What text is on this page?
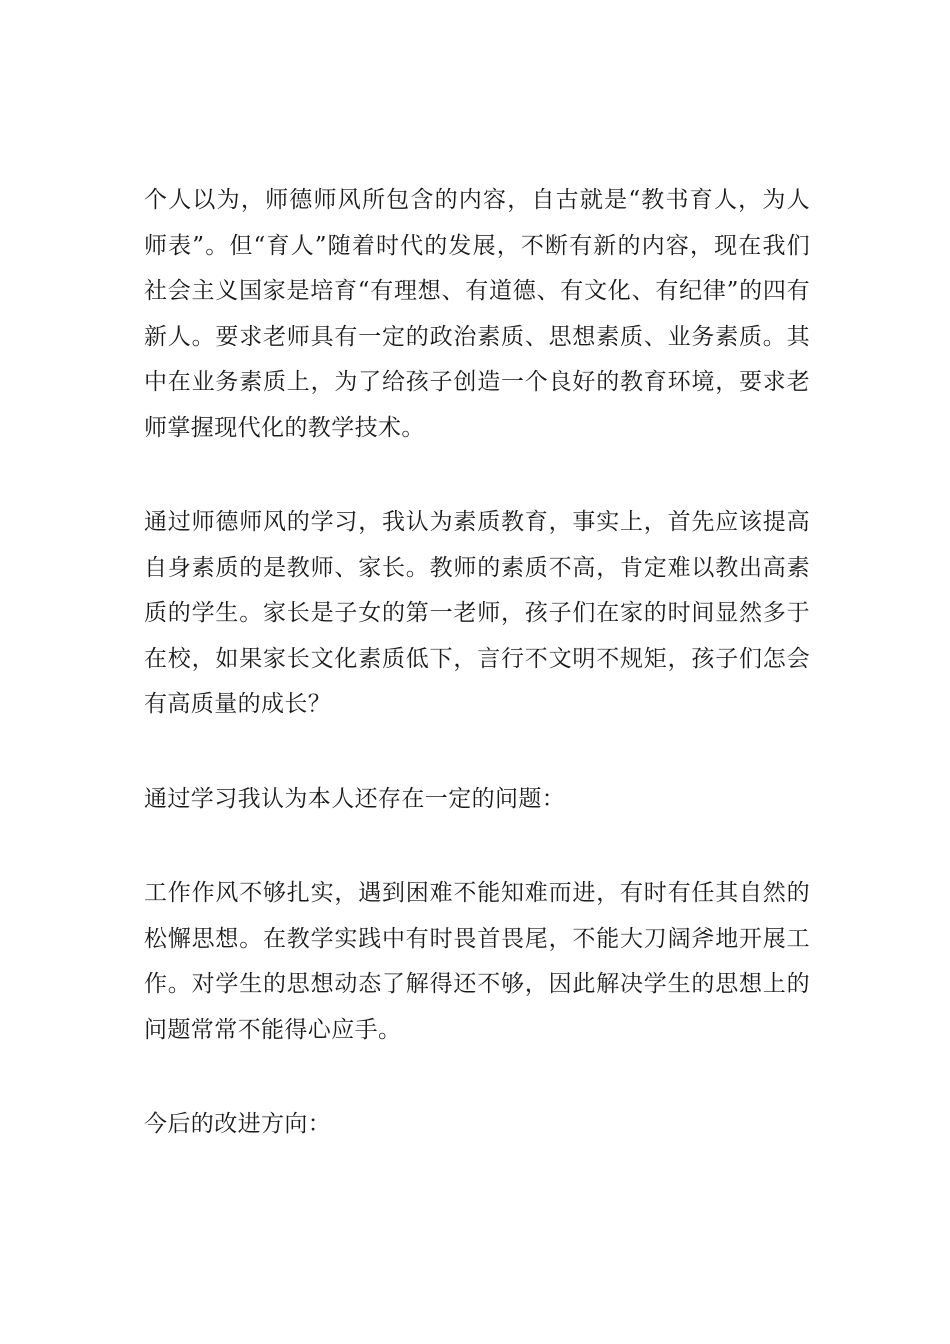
个人以为，师德师风所包含的内容，自古就是“教书育人，为人师表”。但“育人”随着时代的发展，不断有新的内容，现在我们社会主义国家是培育“有理想、有道德、有文化、有纪律”的四有新人。要求老师具有一定的政治素质、思想素质、业务素质。其中在业务素质上，为了给孩子创造一个良好的教育环境，要求老师掌握现代化的教学技术。

通过师德师风的学习，我认为素质教育，事实上，首先应该提高自身素质的是教师、家长。教师的素质不高，肯定难以教出高素质的学生。家长是子女的第一老师，孩子们在家的时间显然多于在校，如果家长文化素质低下，言行不文明不规矩，孩子们怎会有高质量的成长？

通过学习我认为本人还存在一定的问题：

工作作风不够扎实，遇到困难不能知难而进，有时有任其自然的松懈思想。在教学实践中有时畏首畏尾，不能大刀阔斧地开展工作。对学生的思想动态了解得还不够，因此解决学生的思想上的问题常常不能得心应手。

今后的改进方向：
